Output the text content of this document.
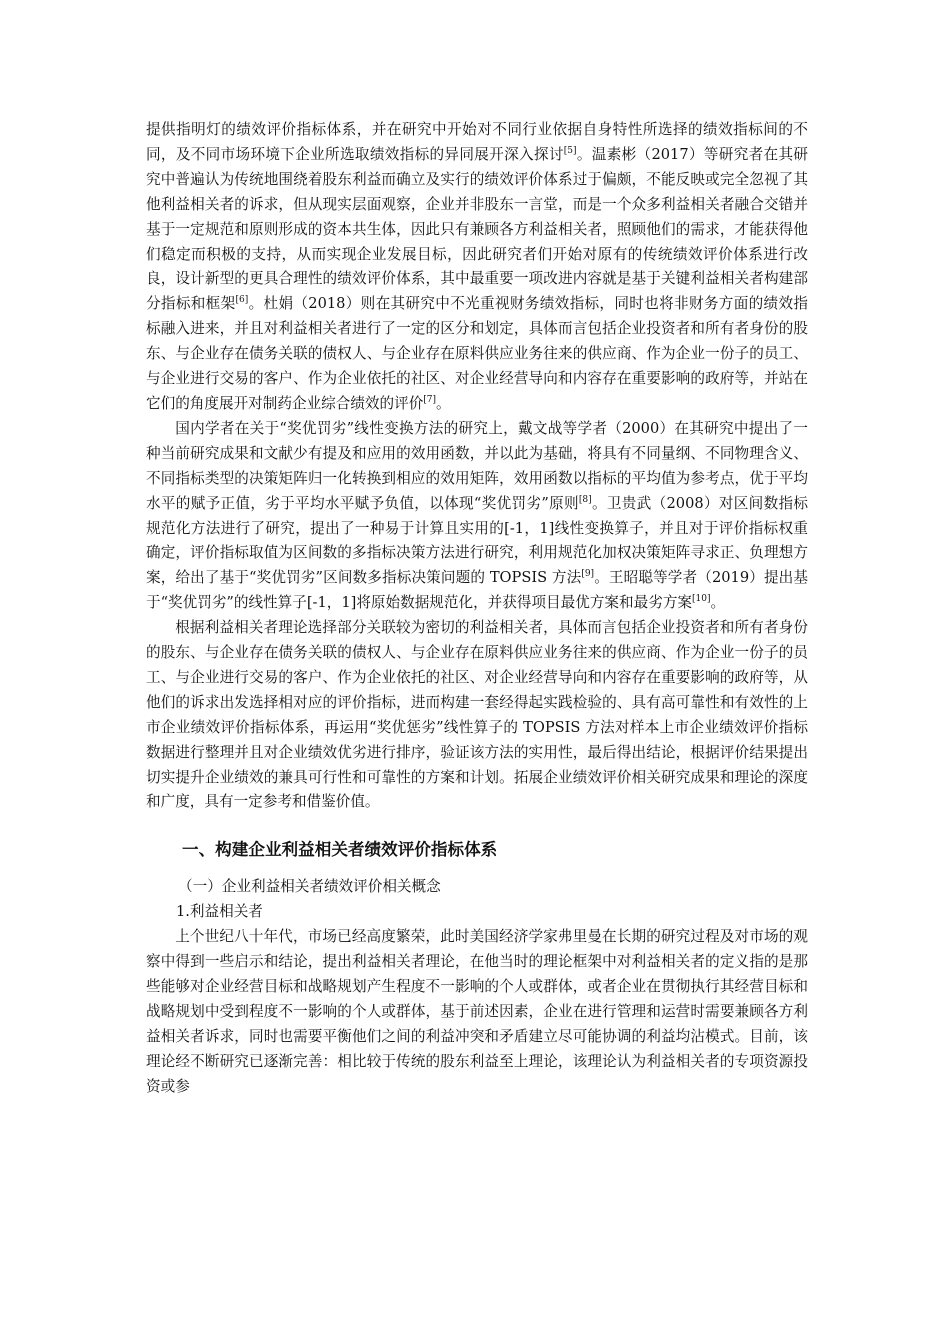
提供指明灯的绩效评价指标体系，并在研究中开始对不同行业依据自身特性所选择的绩效指标间的不同，及不同市场环境下企业所选取绩效指标的异同展开深入探讨[5]。温素彬（2017）等研究者在其研究中普遍认为传统地围绕着股东利益而确立及实行的绩效评价体系过于偏颇，不能反映或完全忽视了其他利益相关者的诉求，但从现实层面观察，企业并非股东一言堂，而是一个众多利益相关者融合交错并基于一定规范和原则形成的资本共生体，因此只有兼顾各方利益相关者，照顾他们的需求，才能获得他们稳定而积极的支持，从而实现企业发展目标，因此研究者们开始对原有的传统绩效评价体系进行改良，设计新型的更具合理性的绩效评价体系，其中最重要一项改进内容就是基于关键利益相关者构建部分指标和框架[6]。杜娟（2018）则在其研究中不光重视财务绩效指标，同时也将非财务方面的绩效指标融入进来，并且对利益相关者进行了一定的区分和划定，具体而言包括企业投资者和所有者身份的股东、与企业存在债务关联的债权人、与企业存在原料供应业务往来的供应商、作为企业一份子的员工、与企业进行交易的客户、作为企业依托的社区、对企业经营导向和内容存在重要影响的政府等，并站在它们的角度展开对制药企业综合绩效的评价[7]。

国内学者在关于“奖优罚劣”线性变换方法的研究上，戴文战等学者（2000）在其研究中提出了一种当前研究成果和文献少有提及和应用的效用函数，并以此为基础，将具有不同量纲、不同物理含义、不同指标类型的决策矩阵归一化转换到相应的效用矩阵，效用函数以指标的平均值为参考点，优于平均水平的赋予正值，劣于平均水平赋予负值，以体现“奖优罚劣”原则[8]。卫贵武（2008）对区间数指标规范化方法进行了研究，提出了一种易于计算且实用的[-1，1]线性变换算子，并且对于评价指标权重确定，评价指标取值为区间数的多指标决策方法进行研究，利用规范化加权决策矩阵寻求正、负理想方案，给出了基于“奖优罚劣”区间数多指标决策问题的 TOPSIS 方法[9]。王昭聪等学者（2019）提出基于“奖优罚劣”的线性算子[-1，1]将原始数据规范化，并获得项目最优方案和最劣方案[10]。

根据利益相关者理论选择部分关联较为密切的利益相关者，具体而言包括企业投资者和所有者身份的股东、与企业存在债务关联的债权人、与企业存在原料供应业务往来的供应商、作为企业一份子的员工、与企业进行交易的客户、作为企业依托的社区、对企业经营导向和内容存在重要影响的政府等，从他们的诉求出发选择相对应的评价指标，进而构建一套经得起实践检验的、具有高可靠性和有效性的上市企业绩效评价指标体系，再运用“奖优惩劣”线性算子的 TOPSIS 方法对样本上市企业绩效评价指标数据进行整理并且对企业绩效优劣进行排序，验证该方法的实用性，最后得出结论，根据评价结果提出切实提升企业绩效的兼具可行性和可靠性的方案和计划。拓展企业绩效评价相关研究成果和理论的深度和广度，具有一定参考和借鉴价值。

一、构建企业利益相关者绩效评价指标体系

（一）企业利益相关者绩效评价相关概念

1.利益相关者

上个世纪八十年代，市场已经高度繁荣，此时美国经济学家弗里曼在长期的研究过程及对市场的观察中得到一些启示和结论，提出利益相关者理论，在他当时的理论框架中对利益相关者的定义指的是那些能够对企业经营目标和战略规划产生程度不一影响的个人或群体，或者企业在贯彻执行其经营目标和战略规划中受到程度不一影响的个人或群体，基于前述因素，企业在进行管理和运营时需要兼顾各方利益相关者诉求，同时也需要平衡他们之间的利益冲突和矛盾建立尽可能协调的利益均沾模式。目前，该理论经不断研究已逐渐完善：相比较于传统的股东利益至上理论，该理论认为利益相关者的专项资源投资或参
